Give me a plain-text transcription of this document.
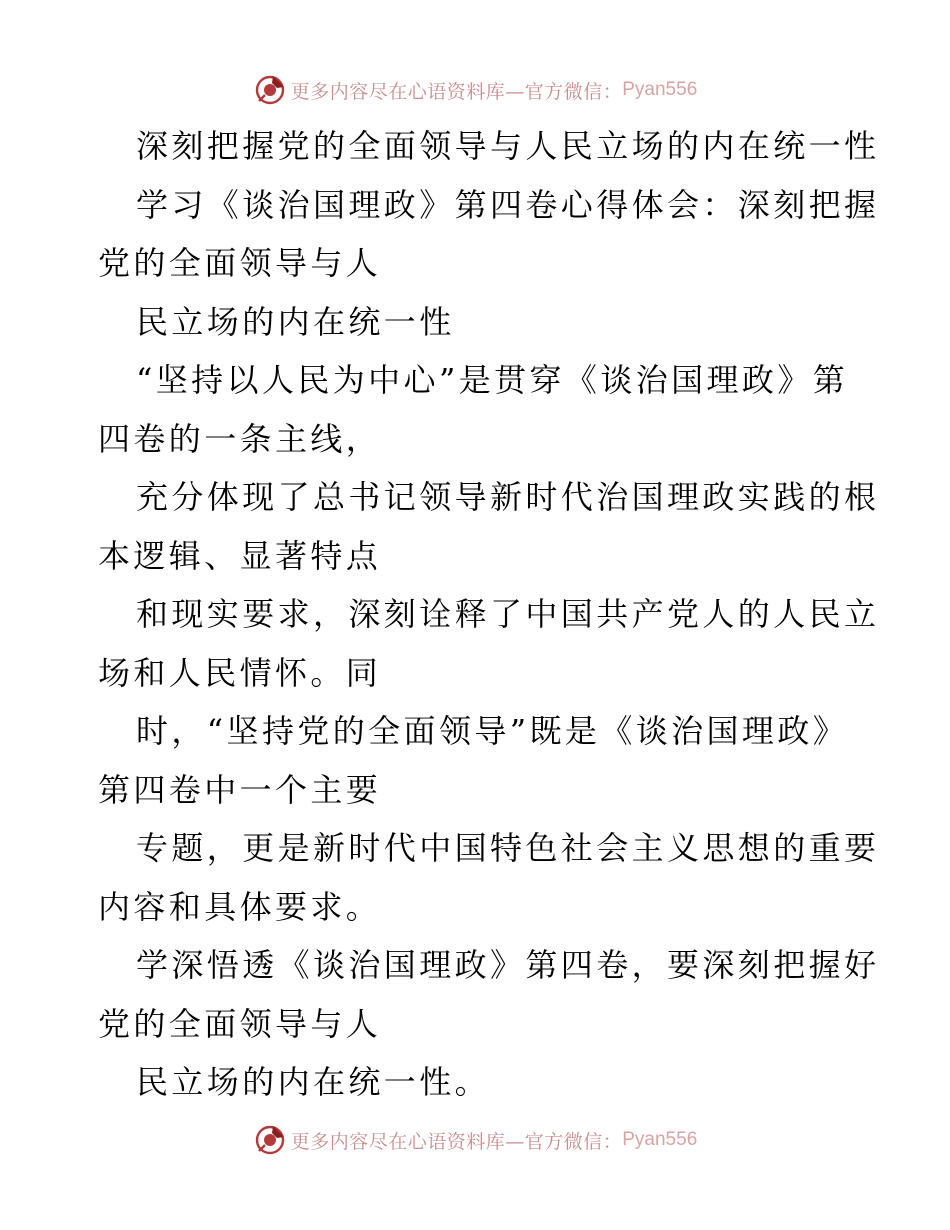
更多内容尽在心语资料库—官方微信： Pyan556
深刻把握党的全面领导与人民立场的内在统一性
学习《谈治国理政》第四卷心得体会：深刻把握
党的全面领导与人
民立场的内在统一性
“坚持以人民为中心”是贯穿《谈治国理政》第
四卷的一条主线，
充分体现了总书记领导新时代治国理政实践的根
本逻辑、显著特点
和现实要求，深刻诠释了中国共产党人的人民立
场和人民情怀。同
时，“坚持党的全面领导”既是《谈治国理政》
第四卷中一个主要
专题，更是新时代中国特色社会主义思想的重要
内容和具体要求。
学深悟透《谈治国理政》第四卷，要深刻把握好
党的全面领导与人
民立场的内在统一性。
更多内容尽在心语资料库—官方微信： Pyan556
